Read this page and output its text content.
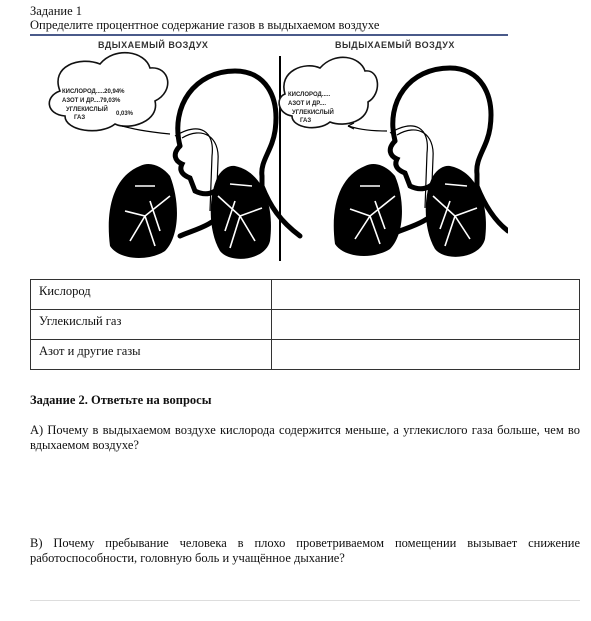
Задание 1
Определите процентное содержание газов в выдыхаемом воздухе
ВДЫХАЕМЫЙ ВОЗДУХ
КИСЛОРОД.....20,94%
АЗОТ И ДР....79,03%
УГЛЕКИСЛЫЙ
0,03%
ГАЗ
ВЫДЫХАЕМЫЙ ВОЗДУХ
КИСЛОРОД.....
АЗОТ И ДР....
УГЛЕКИСЛЫЙ
ГАЗ
Кислород	
Углекислый газ	
Азот и другие газы	
Задание 2. Ответьте на вопросы
А) Почему в выдыхаемом воздухе кислорода содержится меньше, а углекислого газа больше, чем во вдыхаемом воздухе?
В) Почему пребывание человека в плохо проветриваемом помещении вызывает снижение работоспособности, головную боль и учащённое дыхание?
